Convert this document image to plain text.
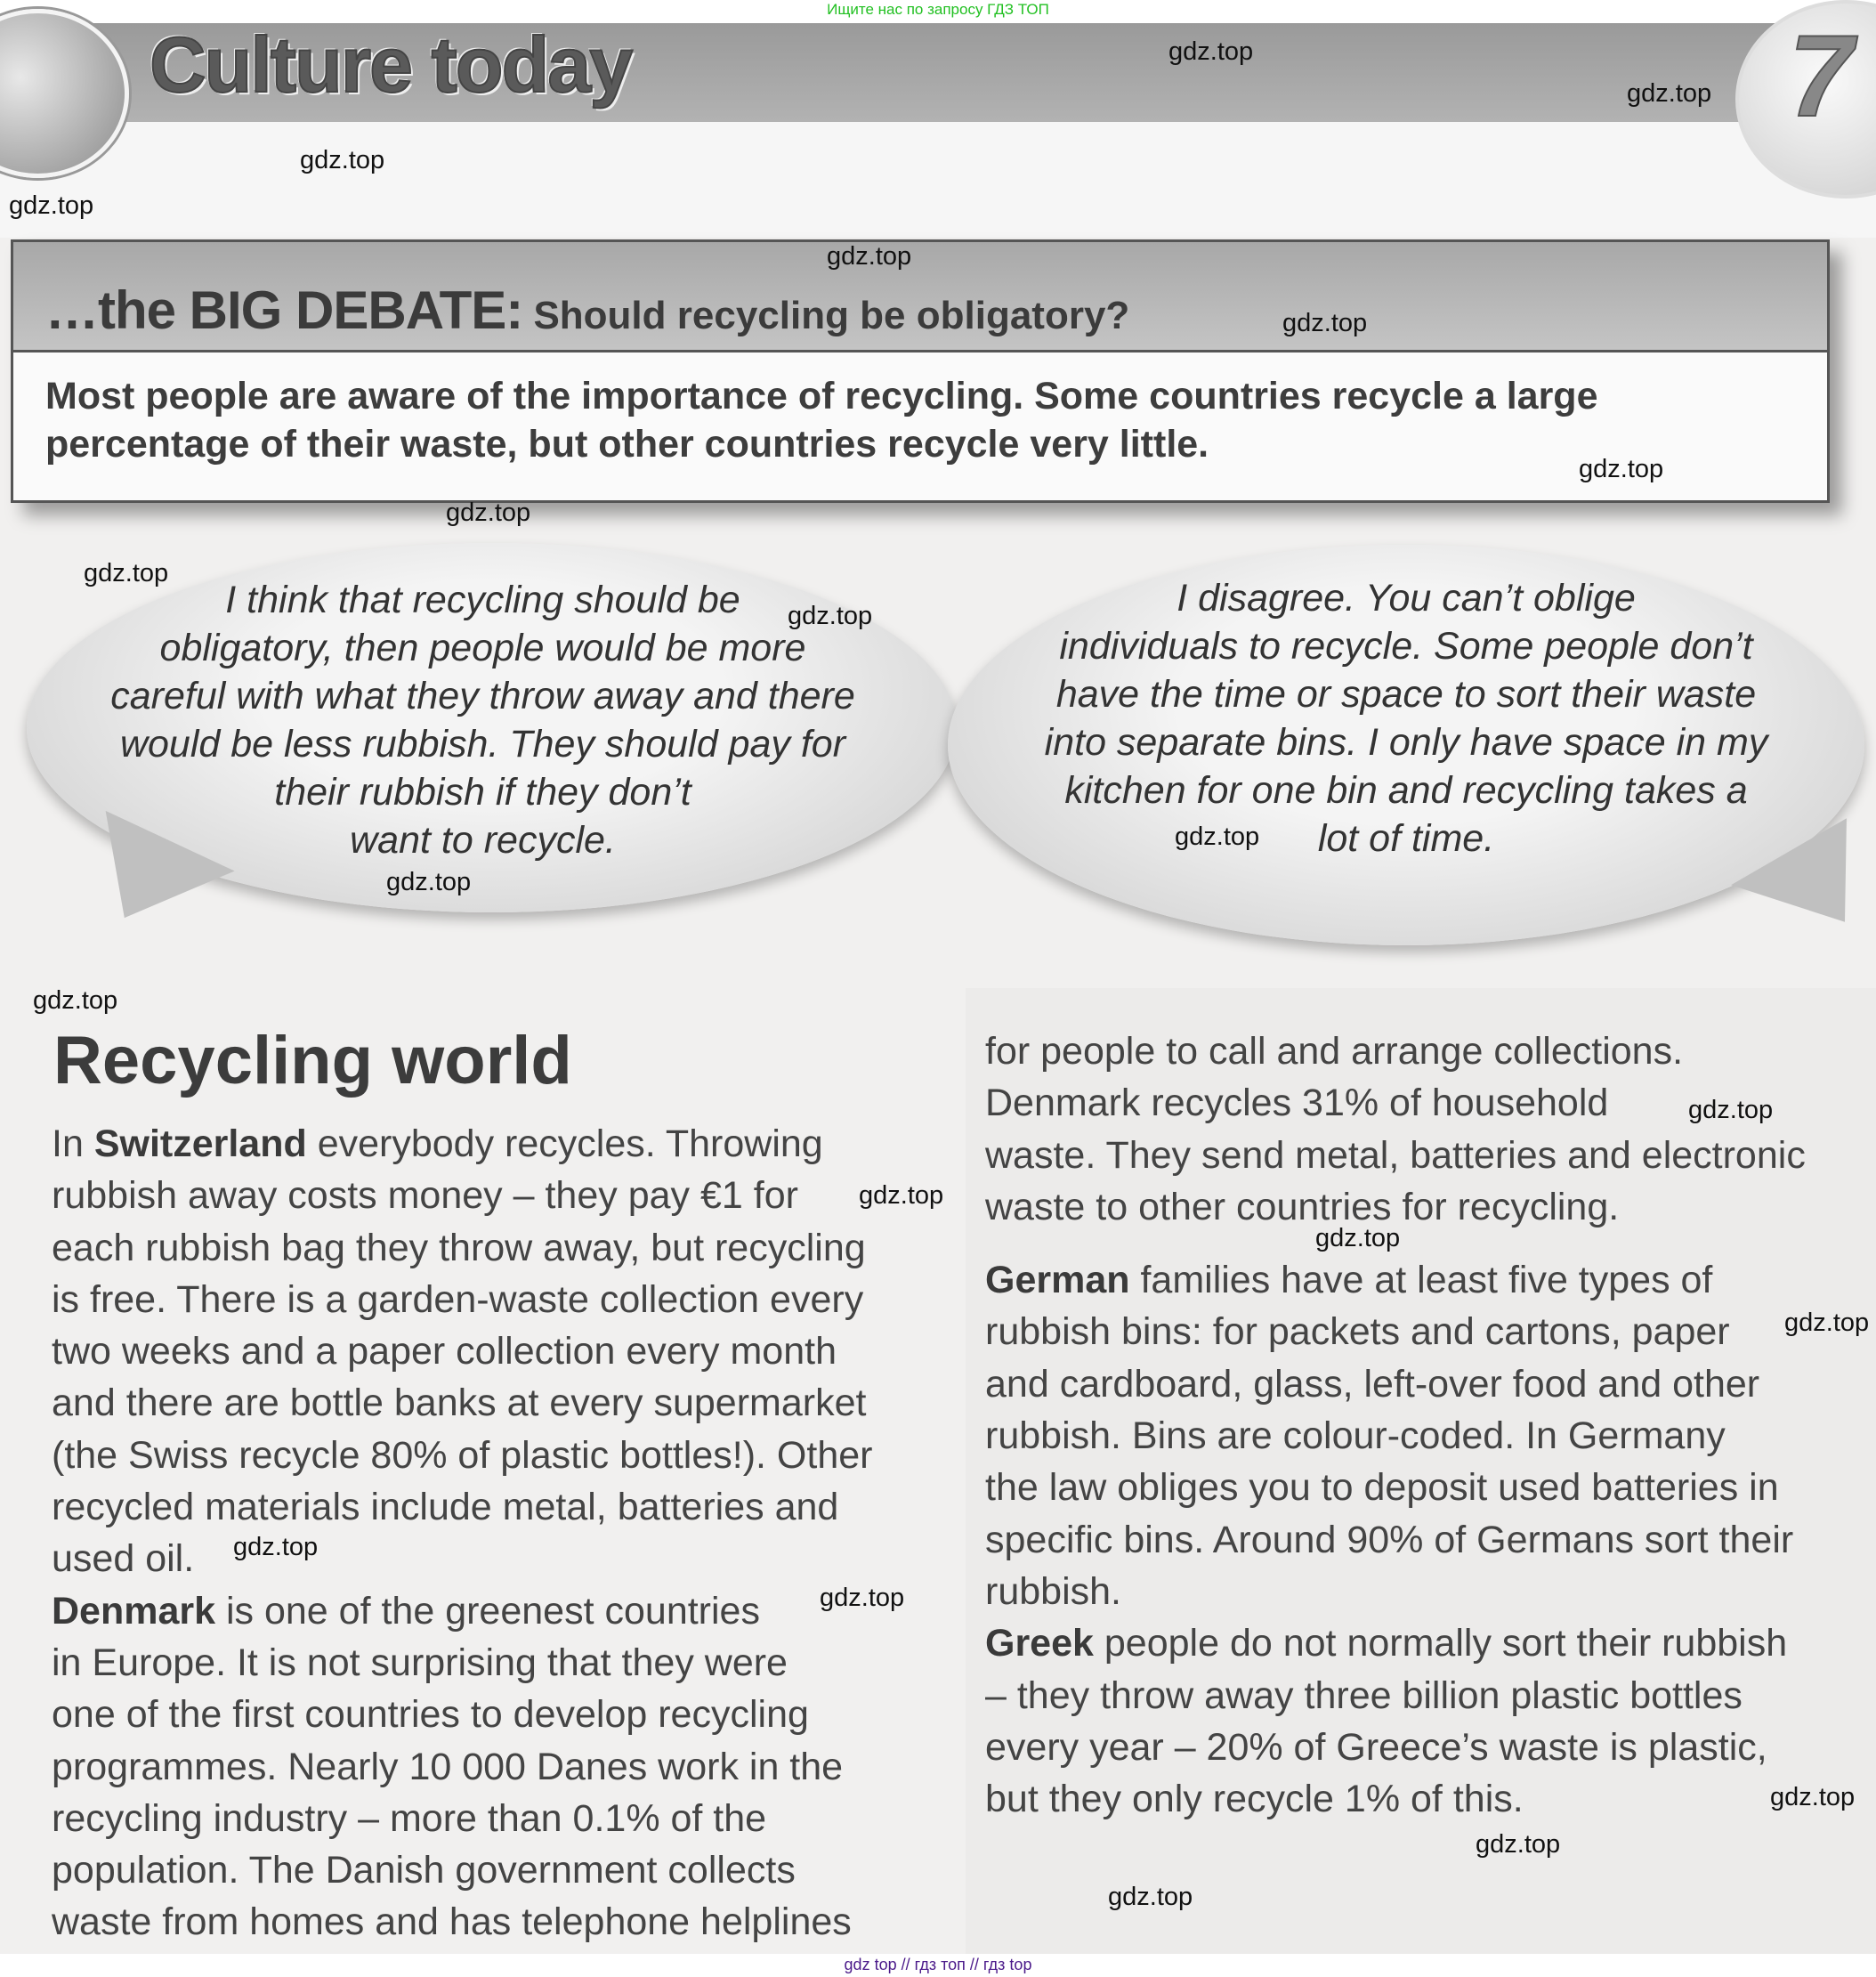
Ищите нас по запросу ГДЗ ТОП
Culture today	7
…the BIG DEBATE: Should recycling be obligatory?
Most people are aware of the importance of recycling. Some countries recycle a large
percentage of their waste, but other countries recycle very little.
I think that recycling should be
obligatory, then people would be more
careful with what they throw away and there
would be less rubbish. They should pay for
their rubbish if they don’t
want to recycle.
I disagree. You can’t oblige
individuals to recycle. Some people don’t
have the time or space to sort their waste
into separate bins. I only have space in my
kitchen for one bin and recycling takes a
lot of time.
Recycling world
In Switzerland everybody recycles. Throwing
rubbish away costs money – they pay €1 for
each rubbish bag they throw away, but recycling
is free. There is a garden-waste collection every
two weeks and a paper collection every month
and there are bottle banks at every supermarket
(the Swiss recycle 80% of plastic bottles!). Other
recycled materials include metal, batteries and
used oil.
Denmark is one of the greenest countries
in Europe. It is not surprising that they were
one of the first countries to develop recycling
programmes. Nearly 10 000 Danes work in the
recycling industry – more than 0.1% of the
population. The Danish government collects
waste from homes and has telephone helplines
for people to call and arrange collections.
Denmark recycles 31% of household
waste. They send metal, batteries and electronic
waste to other countries for recycling.
German families have at least five types of
rubbish bins: for packets and cartons, paper
and cardboard, glass, left-over food and other
rubbish. Bins are colour-coded. In Germany
the law obliges you to deposit used batteries in
specific bins. Around 90% of Germans sort their
rubbish.
Greek people do not normally sort their rubbish
– they throw away three billion plastic bottles
every year – 20% of Greece’s waste is plastic,
but they only recycle 1% of this.
gdz.top
gdz.top
gdz.top
gdz.top
gdz.top
gdz.top
gdz.top
gdz.top
gdz.top
gdz.top
gdz.top
gdz.top
gdz.top
gdz.top
gdz.top
gdz.top
gdz.top
gdz.top
gdz.top
gdz.top
gdz.top
gdz.top
gdz top // гдз топ // гдз top
